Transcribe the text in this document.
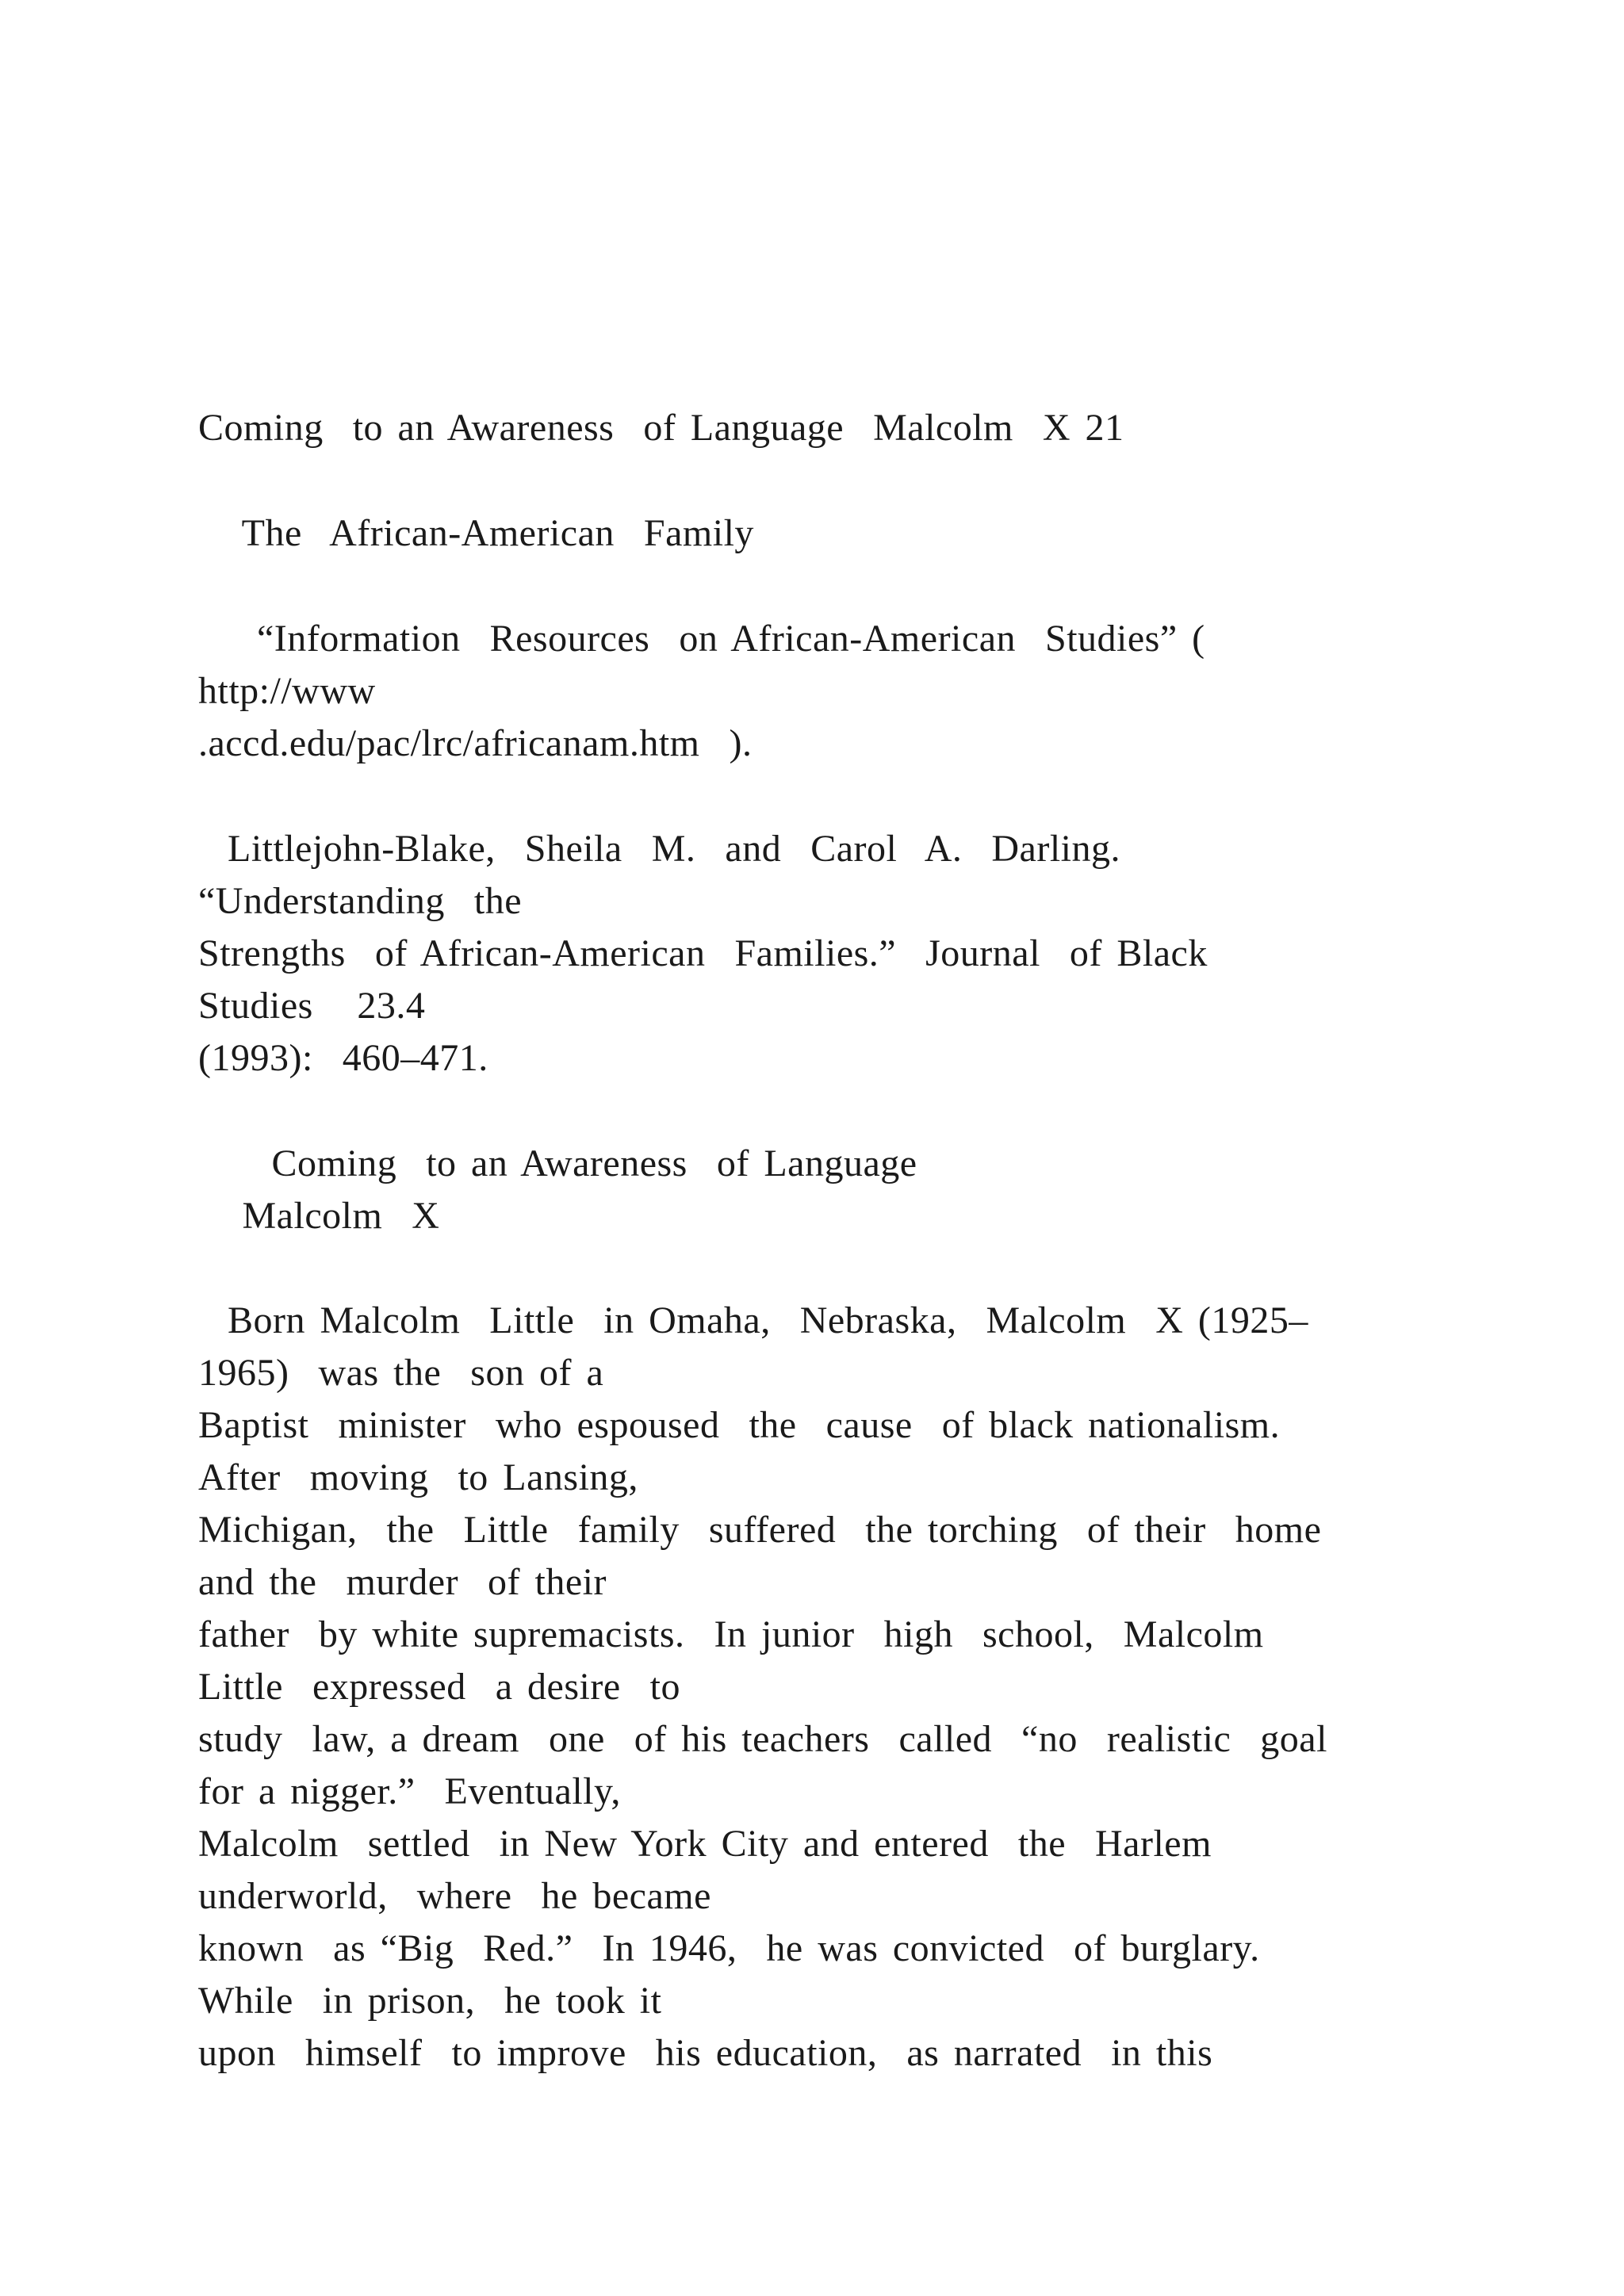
Coming  to an Awareness  of Language  Malcolm  X 21
The  African-American  Family
“Information  Resources  on African-American  Studies” (
http://www
.accd.edu/pac/lrc/africanam.htm  ).
Littlejohn-Blake,  Sheila  M.  and  Carol  A.  Darling.
“Understanding  the
Strengths  of African-American  Families.”  Journal  of Black
Studies   23.4
(1993):  460–471.
Coming  to an Awareness  of Language
Malcolm  X
Born Malcolm  Little  in Omaha,  Nebraska,  Malcolm  X (1925–
1965)  was the  son of a
Baptist  minister  who espoused  the  cause  of black nationalism.
After  moving  to Lansing,
Michigan,  the  Little  family  suffered  the torching  of their  home
and the  murder  of their
father  by white supremacists.  In junior  high  school,  Malcolm
Little  expressed  a desire  to
study  law, a dream  one  of his teachers  called  “no  realistic  goal
for a nigger.”  Eventually,
Malcolm  settled  in New York City and entered  the  Harlem
underworld,  where  he became
known  as “Big  Red.”  In 1946,  he was convicted  of burglary.
While  in prison,  he took it
upon  himself  to improve  his education,  as narrated  in this
